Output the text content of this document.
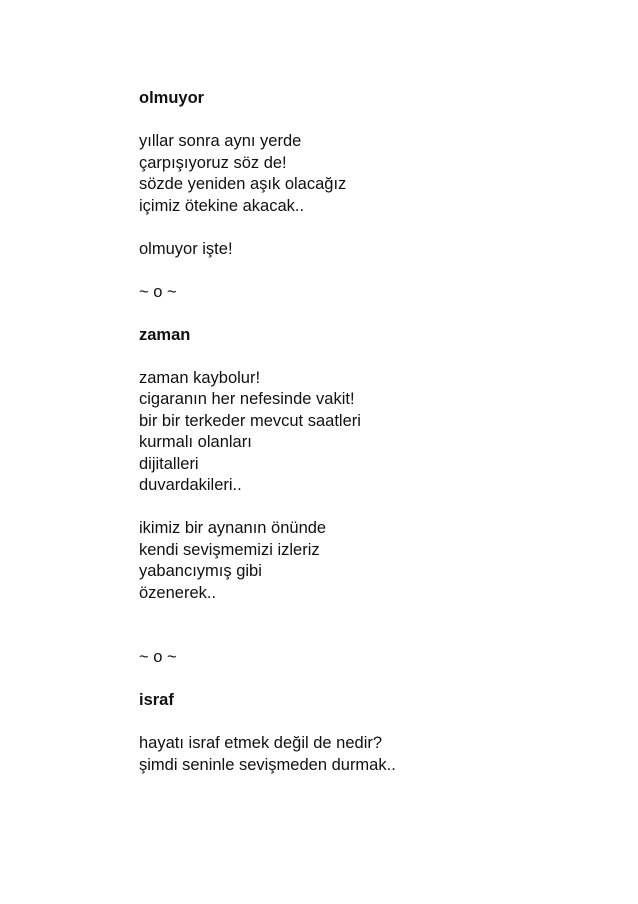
olmuyor

yıllar sonra aynı yerde

çarpışıyoruz söz de!

sözde yeniden aşık olacağız

içimiz ötekine akacak..

olmuyor işte!

~ o ~

zaman

zaman kaybolur!

cigaranın her nefesinde vakit!

bir bir terkeder mevcut saatleri

kurmalı olanları

dijitalleri

duvardakileri..

ikimiz bir aynanın önünde

kendi sevişmemizi izleriz

yabancıymış gibi

özenerek..

~ o ~

israf

hayatı israf etmek değil de nedir?

şimdi seninle sevişmeden durmak..
